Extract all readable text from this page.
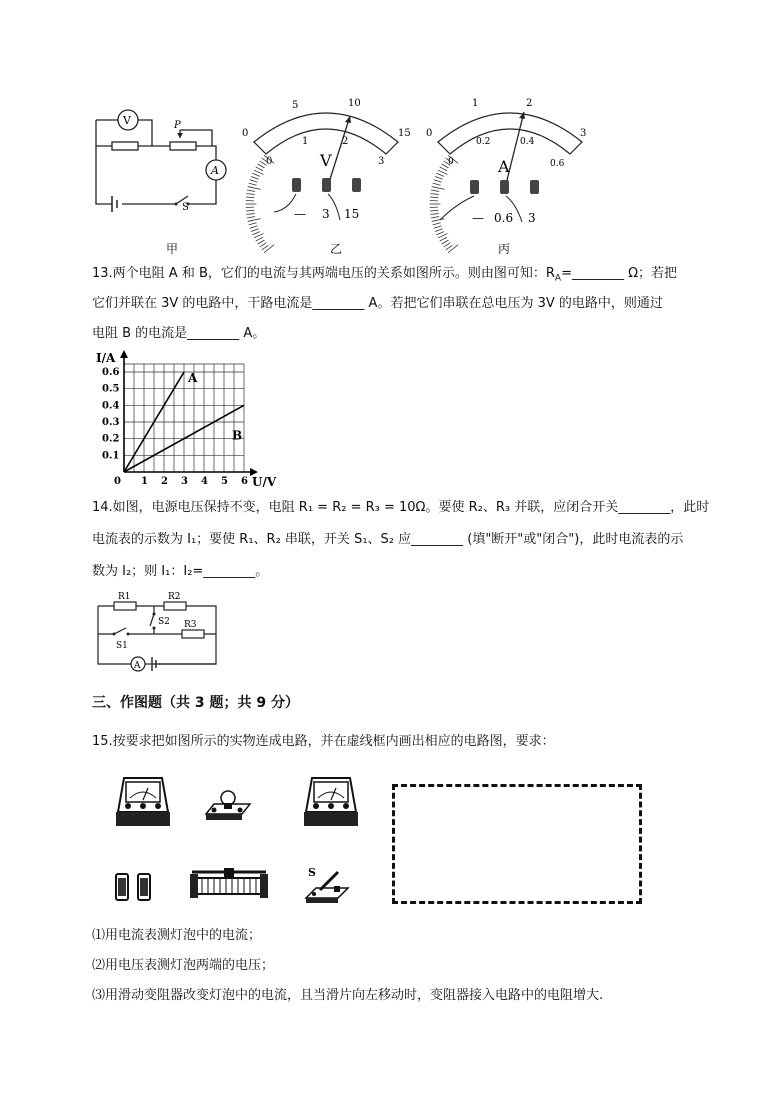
V
A
P
S
甲
0
5	10
15
0
1	2
3
V
— 3 15
乙
0
1	2
3
0
0.2	0.4
0.6
A
— 0.6 3
丙
13.两个电阻 A 和 B，它们的电流与其两端电压的关系如图所示。则由图可知：$R_A=\_\_\_\_\_\_\_\_$ Ω；若把
它们并联在 3V 的电路中，干路电流是________ A。若把它们串联在总电压为 3V 的电路中，则通过
电阻 B 的电流是________ A。
A
B
0 1 2 3 4 5 6
0.1
0.2
0.3
0.4
0.5
0.6
I/A
U/V
14.如图，电源电压保持不变，电阻 R₁ = R₂ = R₃ = 10Ω。要使 R₂、R₃ 并联，应闭合开关________，此时
电流表的示数为 I₁；要使 R₁、R₂ 串联，开关 S₁、S₂ 应________ (填"断开"或"闭合")，此时电流表的示
数为 I₂；则 I₁：I₂=________。
R1	R2
R3
S1
S2
A
三、作图题（共 3 题；共 9 分）
15.按要求把如图所示的实物连成电路，并在虚线框内画出相应的电路图，要求：
S
⑴用电流表测灯泡中的电流；
⑵用电压表测灯泡两端的电压；
⑶用滑动变阻器改变灯泡中的电流，且当滑片向左移动时，变阻器接入电路中的电阻增大.
